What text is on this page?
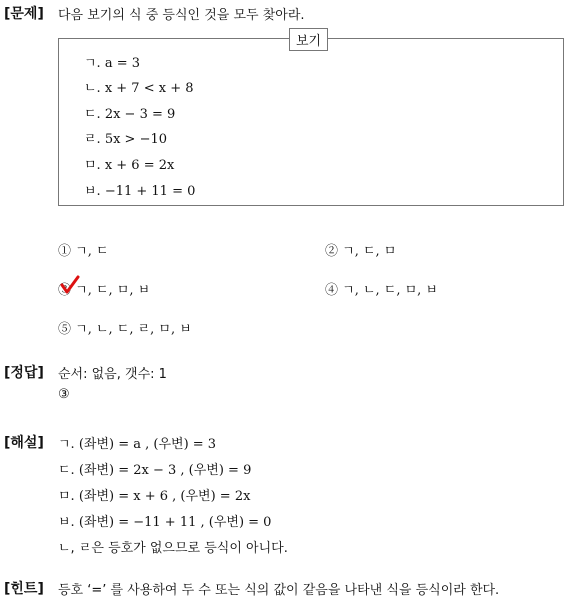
[문제] 다음 보기의 식 중 등식인 것을 모두 찾아라.
보기
ㄱ. a = 3
ㄴ. x + 7 < x + 8
ㄷ. 2x − 3 = 9
ㄹ. 5x > −10
ㅁ. x + 6 = 2x
ㅂ. −11 + 11 = 0
① ㄱ, ㄷ	② ㄱ, ㄷ, ㅁ
③ ㄱ, ㄷ, ㅁ, ㅂ	④ ㄱ, ㄴ, ㄷ, ㅁ, ㅂ
⑤ ㄱ, ㄴ, ㄷ, ㄹ, ㅁ, ㅂ
[정답] 순서: 없음, 갯수: 1
③
[해설] ㄱ. (좌변) = a , (우변) = 3
ㄷ. (좌변) = 2x − 3 , (우변) = 9
ㅁ. (좌변) = x + 6 , (우변) = 2x
ㅂ. (좌변) = −11 + 11 , (우변) = 0
ㄴ, ㄹ은 등호가 없으므로 등식이 아니다.
[힌트] 등호 ‘=’ 를 사용하여 두 수 또는 식의 값이 같음을 나타낸 식을 등식이라 한다.
